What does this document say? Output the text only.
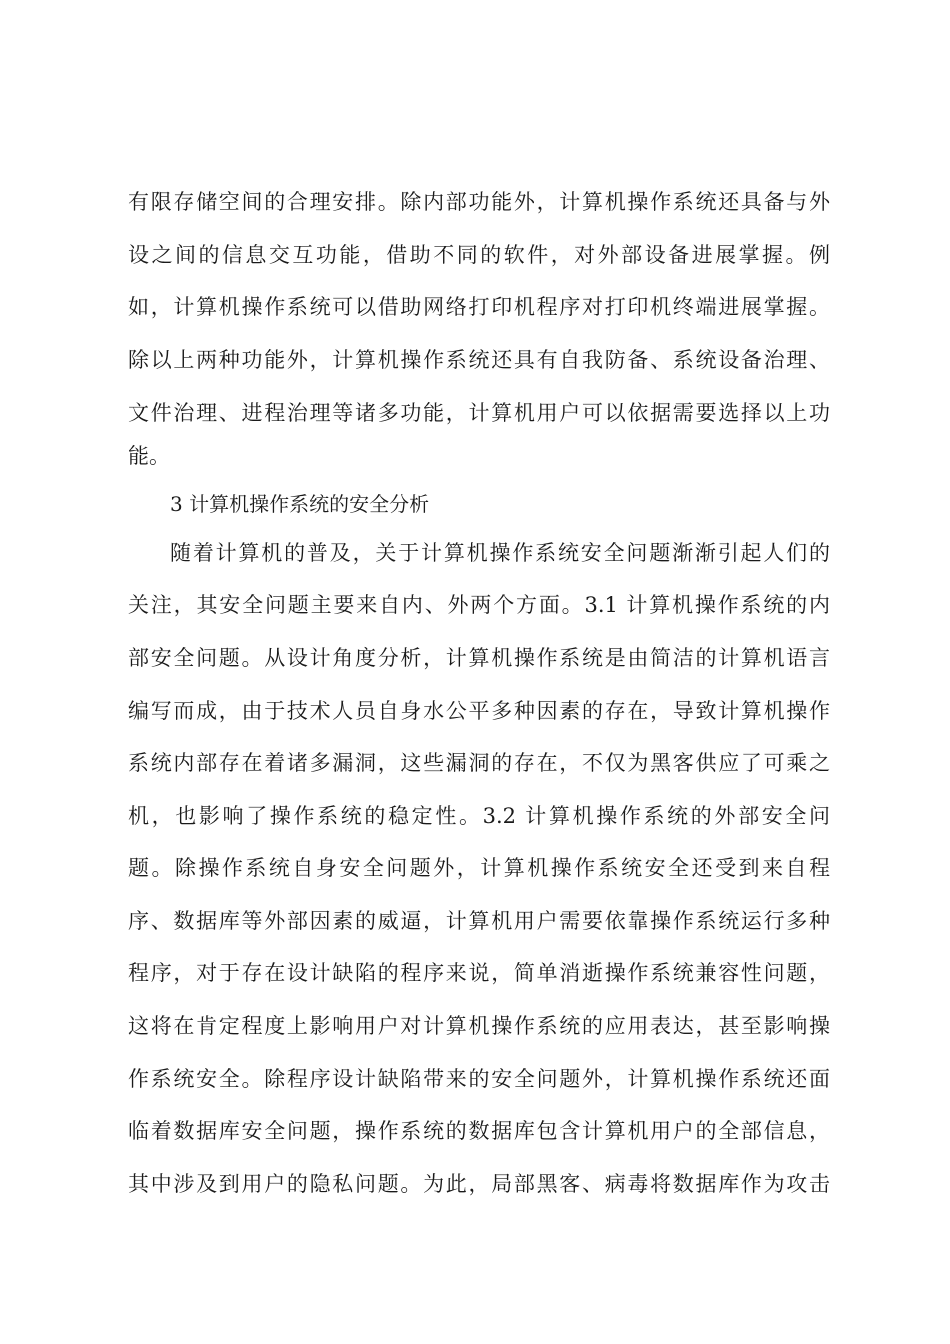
有限存储空间的合理安排。除内部功能外，计算机操作系统还具备与外
设之间的信息交互功能，借助不同的软件，对外部设备进展掌握。例
如，计算机操作系统可以借助网络打印机程序对打印机终端进展掌握。
除以上两种功能外，计算机操作系统还具有自我防备、系统设备治理、
文件治理、进程治理等诸多功能，计算机用户可以依据需要选择以上功
能。
3 计算机操作系统的安全分析
随着计算机的普及，关于计算机操作系统安全问题渐渐引起人们的
关注，其安全问题主要来自内、外两个方面。3.1 计算机操作系统的内
部安全问题。从设计角度分析，计算机操作系统是由简洁的计算机语言
编写而成，由于技术人员自身水公平多种因素的存在，导致计算机操作
系统内部存在着诸多漏洞，这些漏洞的存在，不仅为黑客供应了可乘之
机，也影响了操作系统的稳定性。3.2 计算机操作系统的外部安全问
题。除操作系统自身安全问题外，计算机操作系统安全还受到来自程
序、数据库等外部因素的威逼，计算机用户需要依靠操作系统运行多种
程序，对于存在设计缺陷的程序来说，简单消逝操作系统兼容性问题，
这将在肯定程度上影响用户对计算机操作系统的应用表达，甚至影响操
作系统安全。除程序设计缺陷带来的安全问题外，计算机操作系统还面
临着数据库安全问题，操作系统的数据库包含计算机用户的全部信息，
其中涉及到用户的隐私问题。为此，局部黑客、病毒将数据库作为攻击
